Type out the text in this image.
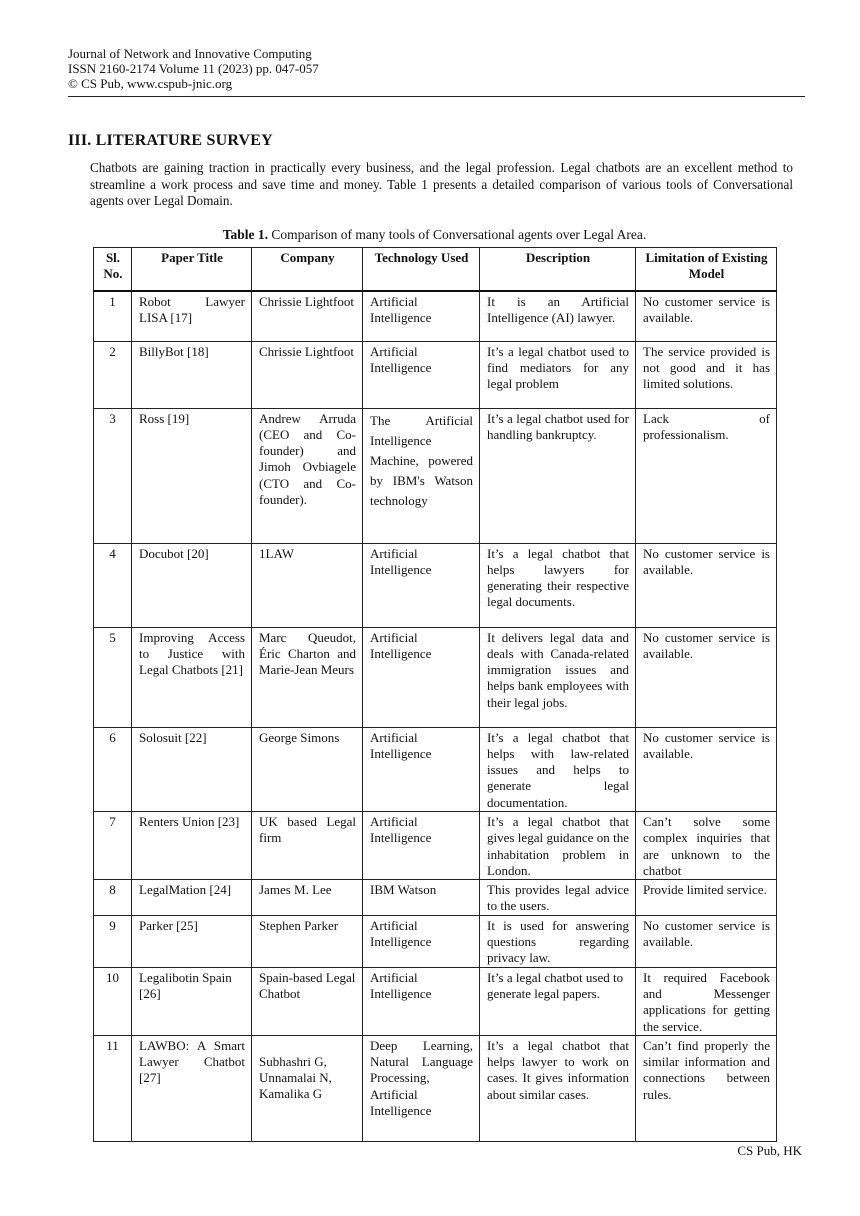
Journal of Network and Innovative Computing
ISSN 2160-2174 Volume 11 (2023) pp. 047-057
© CS Pub, www.cspub-jnic.org
III. LITERATURE SURVEY
Chatbots are gaining traction in practically every business, and the legal profession. Legal chatbots are an excellent method to streamline a work process and save time and money. Table 1 presents a detailed comparison of various tools of Conversational agents over Legal Domain.
Table 1. Comparison of many tools of Conversational agents over Legal Area.
Sl. No.	Paper Title	Company	Technology Used	Description	Limitation of Existing Model
1	Robot Lawyer LISA [17]	Chrissie Lightfoot	Artificial Intelligence	It is an Artificial Intelligence (AI) lawyer.	No customer service is available.
2	BillyBot [18]	Chrissie Lightfoot	Artificial Intelligence	It’s a legal chatbot used to find mediators for any legal problem	The service provided is not good and it has limited solutions.
3	Ross [19]	Andrew Arruda (CEO and Co-founder) and Jimoh Ovbiagele (CTO and Co-founder).	The Artificial Intelligence Machine, powered by IBM's Watson technology	It’s a legal chatbot used for handling bankruptcy.	Lack of professionalism.
4	Docubot [20]	1LAW	Artificial Intelligence	It’s a legal chatbot that helps lawyers for generating their respective legal documents.	No customer service is available.
5	Improving Access to Justice with Legal Chatbots [21]	Marc Queudot, Éric Charton and Marie-Jean Meurs	Artificial Intelligence	It delivers legal data and deals with Canada-related immigration issues and helps bank employees with their legal jobs.	No customer service is available.
6	Solosuit [22]	George Simons	Artificial Intelligence	It’s a legal chatbot that helps with law-related issues and helps to generate legal documentation.	No customer service is available.
7	Renters Union [23]	UK based Legal firm	Artificial Intelligence	It’s a legal chatbot that gives legal guidance on the inhabitation problem in London.	Can’t solve some complex inquiries that are unknown to the chatbot
8	LegalMation [24]	James M. Lee	IBM Watson	This provides legal advice to the users.	Provide limited service.
9	Parker [25]	Stephen Parker	Artificial Intelligence	It is used for answering questions regarding privacy law.	No customer service is available.
10	Legalibotin Spain [26]	Spain-based Legal Chatbot	Artificial Intelligence	It’s a legal chatbot used to generate legal papers.	It required Facebook and Messenger applications for getting the service.
11	LAWBO: A Smart Lawyer Chatbot [27]	Subhashri G, Unnamalai N, Kamalika G	Deep Learning, Natural Language Processing, Artificial Intelligence	It’s a legal chatbot that helps lawyer to work on cases. It gives information about similar cases.	Can’t find properly the similar information and connections between rules.
CS Pub, HK
